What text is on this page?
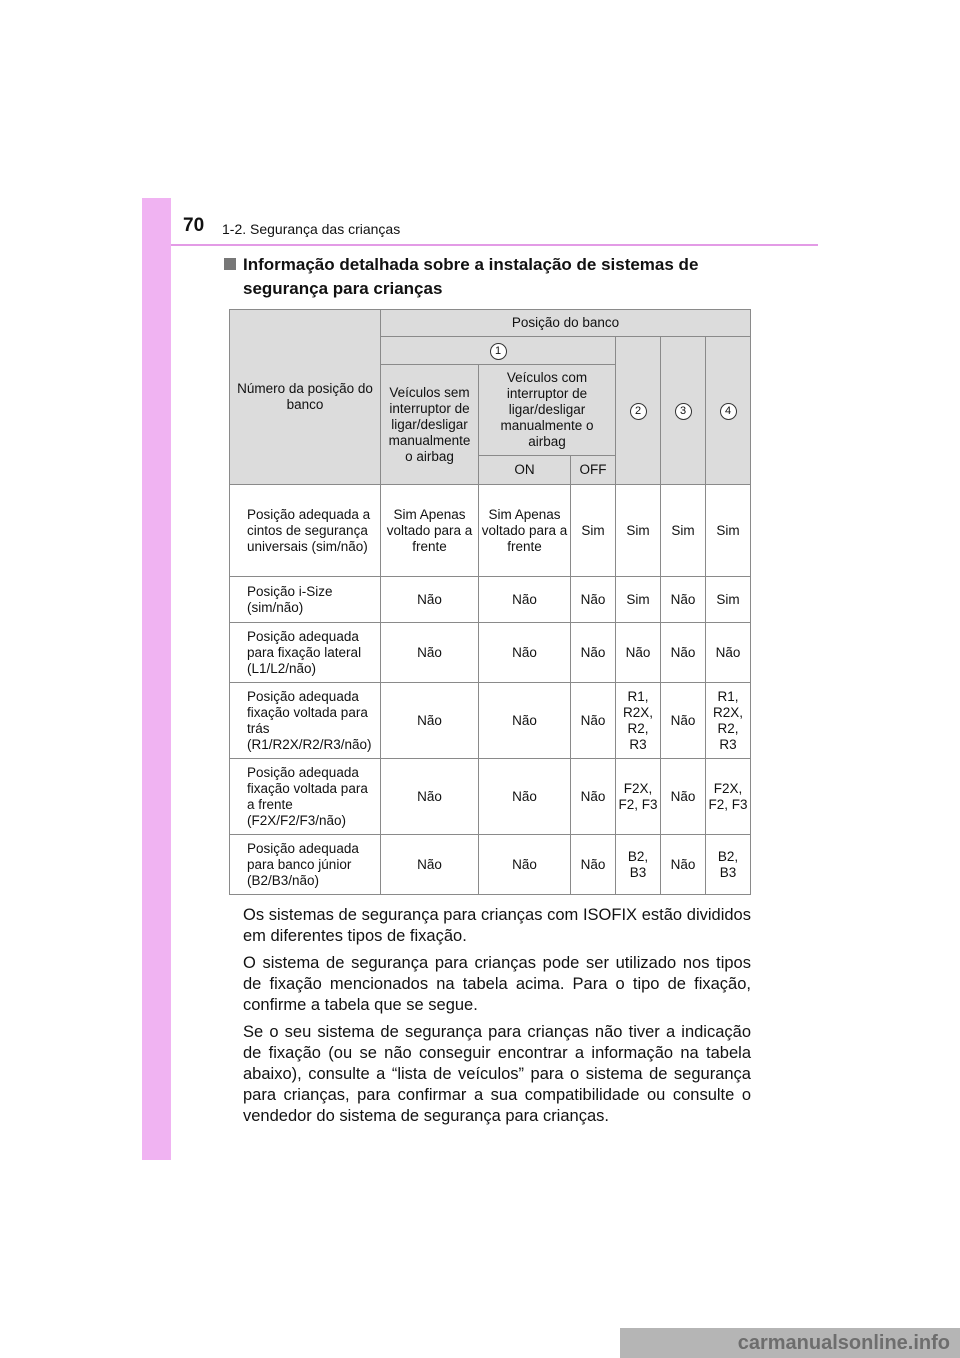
70 1-2. Segurança das crianças
Informação detalhada sobre a instalação de sistemas de segurança para crianças
Número da posição do banco	Posição do banco					
	1			2	3	4
	Veículos sem interruptor de ligar/desligar manualmente o airbag	Veículos com interruptor de ligar/desligar manualmente o airbag				
		ON	OFF			
Posição adequada a cintos de segurança universais (sim/não)	Sim Apenas voltado para a frente	Sim Apenas voltado para a frente	Sim	Sim	Sim	Sim
Posição i-Size (sim/não)	Não	Não	Não	Sim	Não	Sim
Posição adequada para fixação lateral (L1/L2/não)	Não	Não	Não	Não	Não	Não
Posição adequada fixação voltada para trás (R1/R2X/R2/R3/não)	Não	Não	Não	R1, R2X, R2, R3	Não	R1, R2X, R2, R3
Posição adequada fixação voltada para a frente (F2X/F2/F3/não)	Não	Não	Não	F2X, F2, F3	Não	F2X, F2, F3
Posição adequada para banco júnior (B2/B3/não)	Não	Não	Não	B2, B3	Não	B2, B3

Os sistemas de segurança para crianças com ISOFIX estão divididos em diferentes tipos de fixação.

O sistema de segurança para crianças pode ser utilizado nos tipos de fixação mencionados na tabela acima. Para o tipo de fixação, confirme a tabela que se segue.

Se o seu sistema de segurança para crianças não tiver a indicação de fixação (ou se não conseguir encontrar a informação na tabela abaixo), consulte a “lista de veículos” para o sistema de segurança para crianças, para confirmar a sua compatibilidade ou consulte o vendedor do sistema de segurança para crianças.

carmanualsonline.info
